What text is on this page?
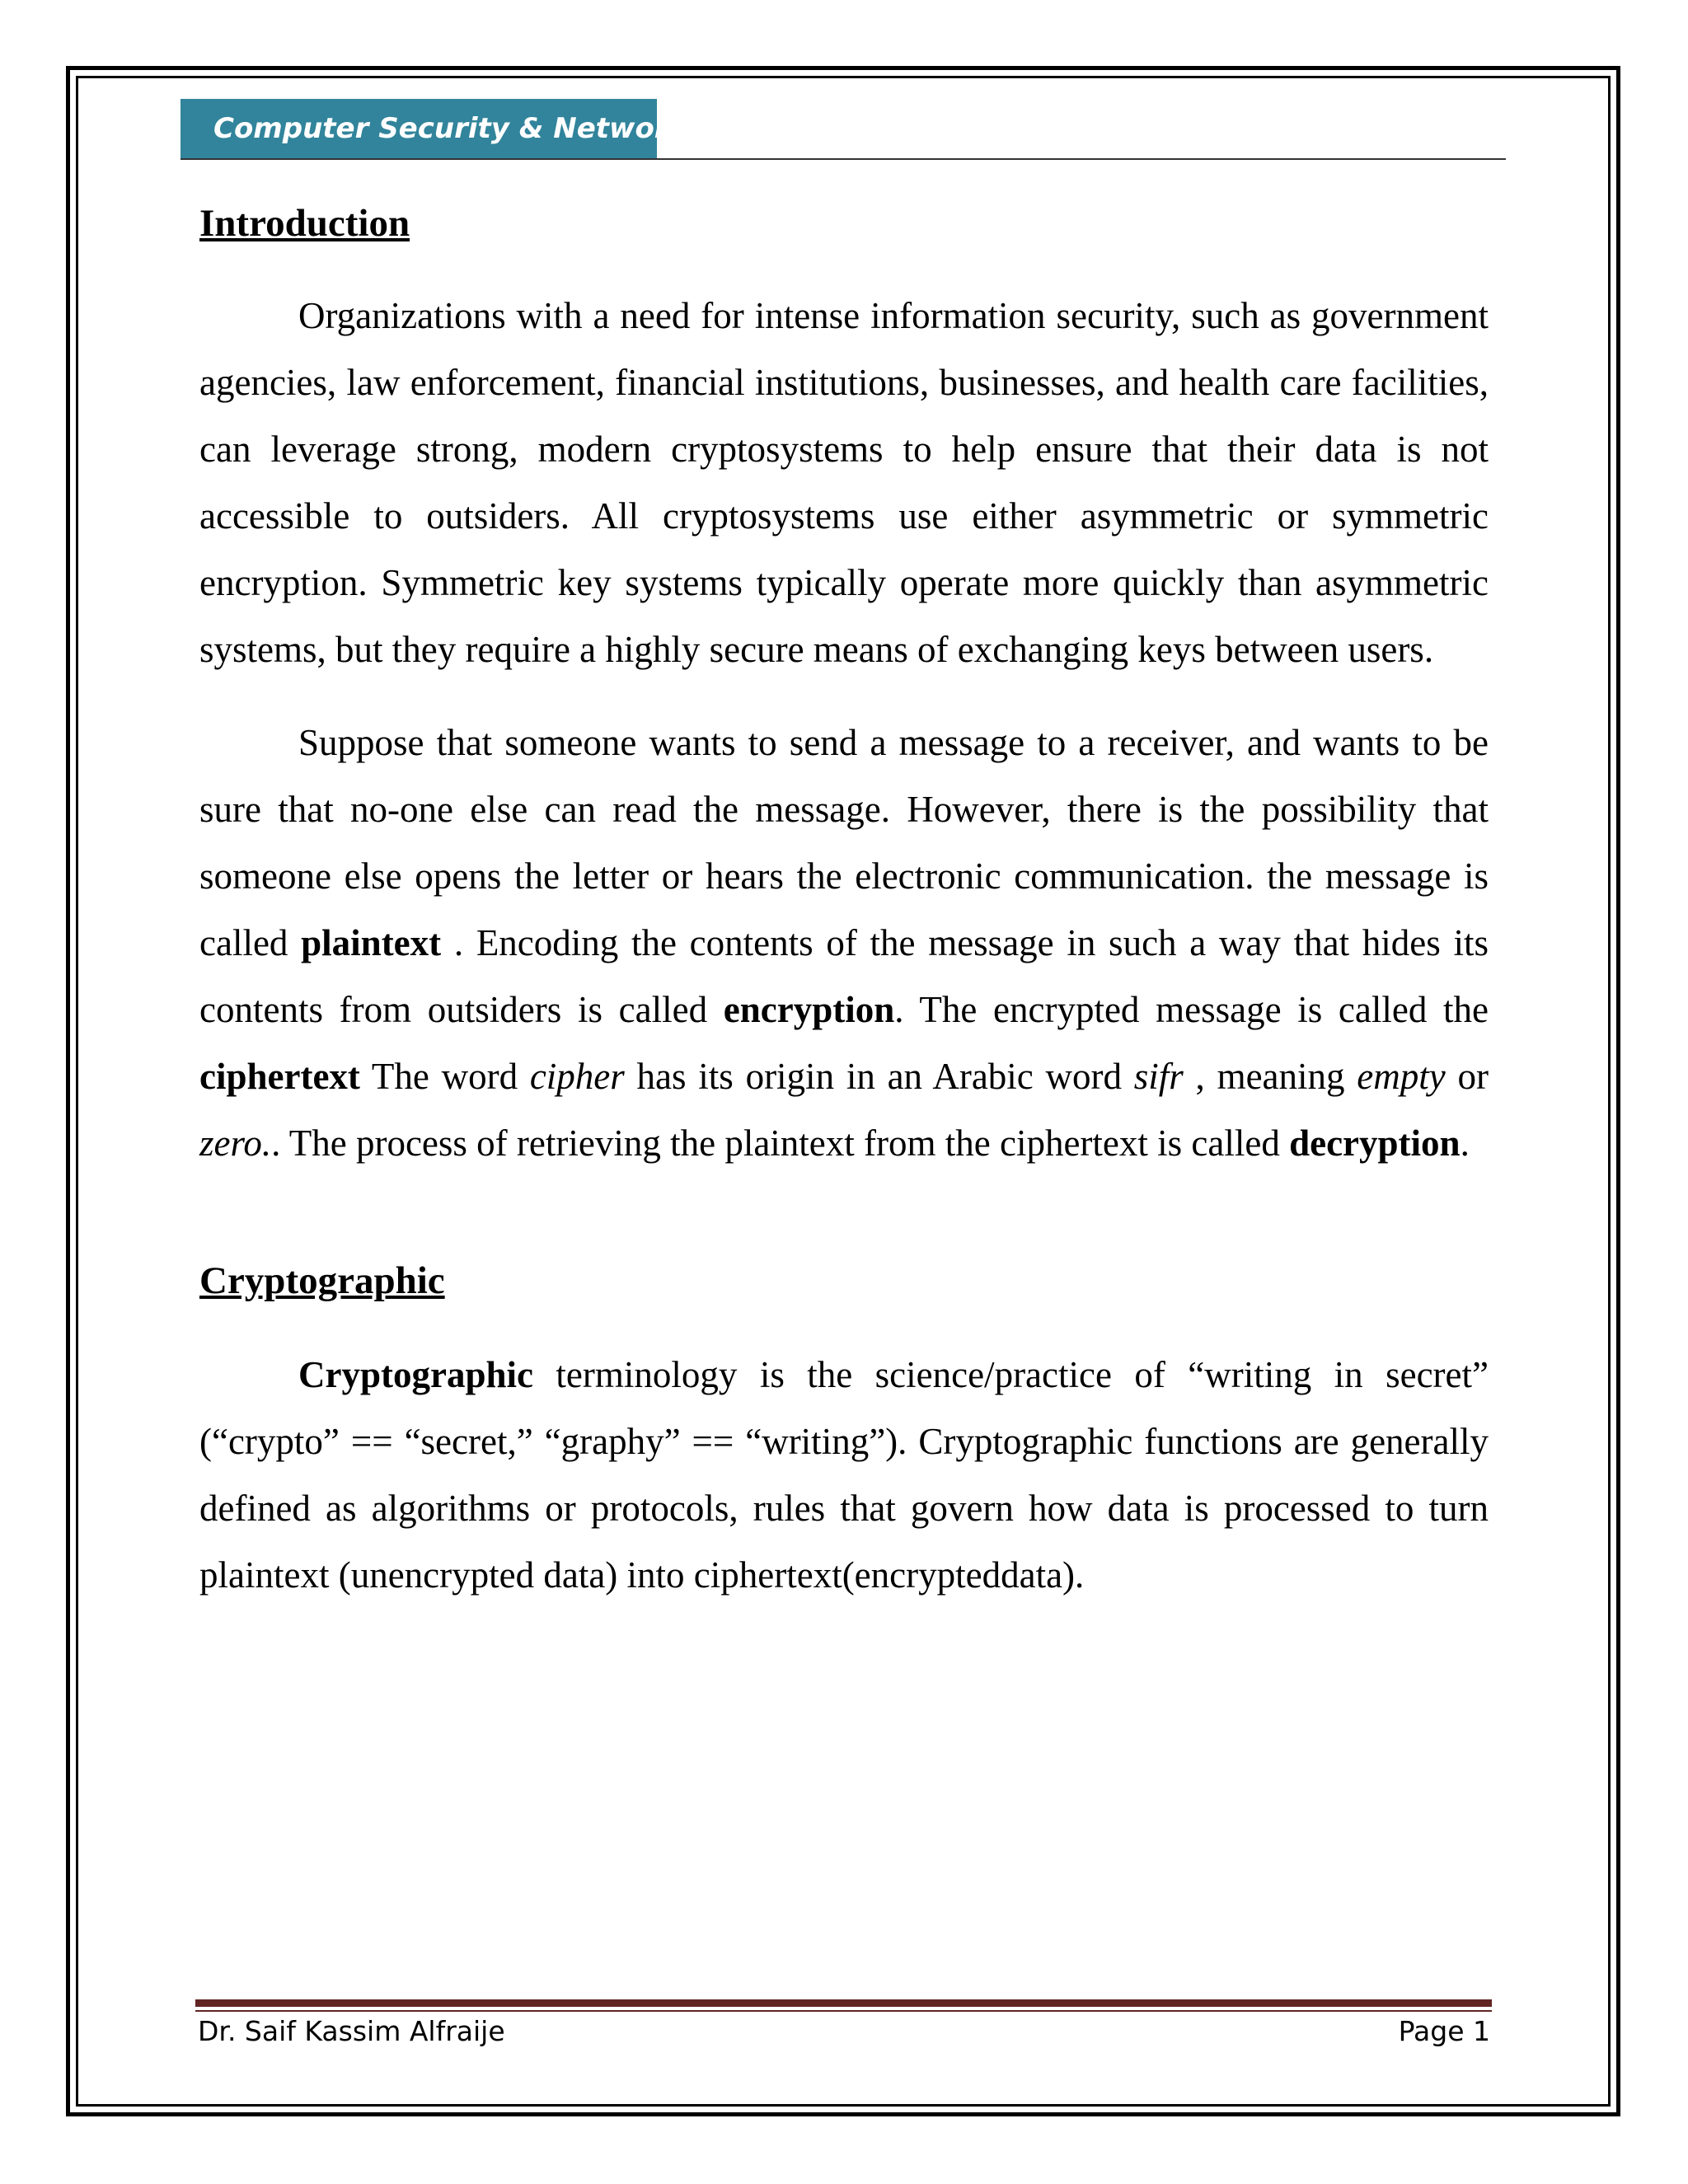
Computer Security & Network
Introduction

Organizations with a need for intense information security, such as government agencies, law enforcement, financial institutions, businesses, and health care facilities, can leverage strong, modern cryptosystems to help ensure that their data is not accessible to outsiders. All cryptosystems use either asymmetric or symmetric encryption. Symmetric key systems typically operate more quickly than asymmetric systems, but they require a highly secure means of exchanging keys between users.

Suppose that someone wants to send a message to a receiver, and wants to be sure that no-one else can read the message. However, there is the possibility that someone else opens the letter or hears the electronic communication. the message is called plaintext . Encoding the contents of the message in such a way that hides its contents from outsiders is called encryption. The encrypted message is called the ciphertext The word cipher has its origin in an Arabic word sifr , meaning empty or zero.. The process of retrieving the plaintext from the ciphertext is called decryption.

Cryptographic

Cryptographic terminology is the science/practice of “writing in secret” (“crypto” == “secret,” “graphy” == “writing”). Cryptographic functions are generally defined as algorithms or protocols, rules that govern how data is processed to turn plaintext (unencrypted data) into ciphertext(encrypteddata).

Dr. Saif Kassim Alfraije	Page 1
